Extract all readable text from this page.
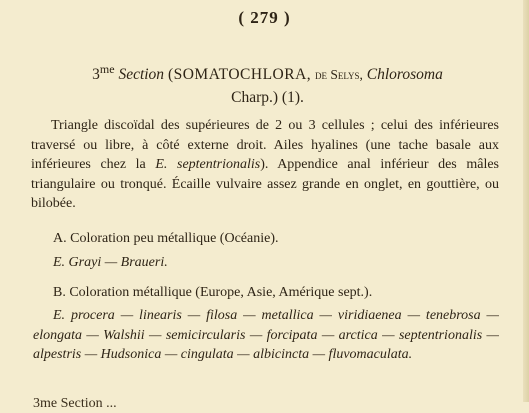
( 279 )
$3^{me}$ Section (SOMATOCHLORA, de Selys, Chlorosoma
Charp.) (1).
Triangle discoïdal des supérieures de 2 ou 3 cellules ; celui des inférieures traversé ou libre, à côté externe droit. Ailes hyalines (une tache basale aux inférieures chez la E. septentrionalis). Appendice anal inférieur des mâles triangulaire ou tronqué. Écaille vulvaire assez grande en onglet, en gouttière, ou bilobée.
A. Coloration peu métallique (Océanie).
E. Grayi — Braueri.
B. Coloration métallique (Europe, Asie, Amérique sept.).
E. procera — linearis — filosa — metallica — viridiaenea — tenebrosa — elongata — Walshii — semicircularis — forcipata — arctica — septentrionalis — alpestris — Hudsonica — cingulata — albicincta — fluvomaculata.
3me Section ...
